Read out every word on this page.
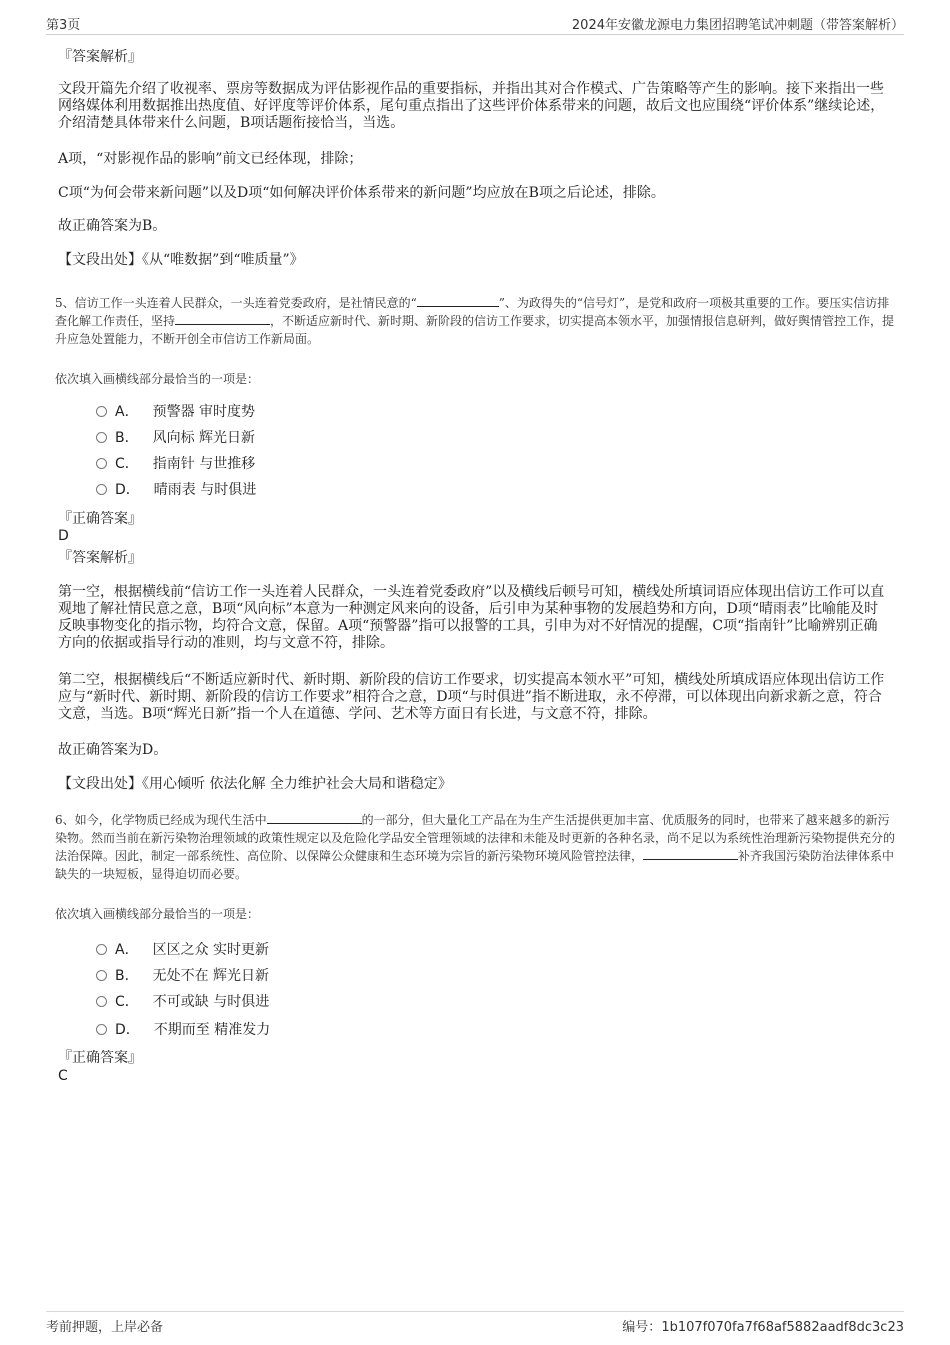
第3页	2024年安徽龙源电力集团招聘笔试冲刺题（带答案解析）

『答案解析』

文段开篇先介绍了收视率、票房等数据成为评估影视作品的重要指标，并指出其对合作模式、广告策略等产生的影响。接下来指出一些网络媒体利用数据推出热度值、好评度等评价体系，尾句重点指出了这些评价体系带来的问题，故后文也应围绕“评价体系”继续论述，介绍清楚具体带来什么问题，B项话题衔接恰当，当选。

A项，“对影视作品的影响”前文已经体现，排除；

C项“为何会带来新问题”以及D项“如何解决评价体系带来的新问题”均应放在B项之后论述，排除。

故正确答案为B。

【文段出处】《从“唯数据”到“唯质量”》

5、信访工作一头连着人民群众，一头连着党委政府，是社情民意的“	”、为政得失的“信号灯”，是党和政府一项极其重要的工作。要压实信访排查化解工作责任，坚持	，不断适应新时代、新时期、新阶段的信访工作要求，切实提高本领水平，加强情报信息研判，做好舆情管控工作，提升应急处置能力，不断开创全市信访工作新局面。

依次填入画横线部分最恰当的一项是：

A． 预警器 审时度势
B． 风向标 辉光日新
C． 指南针 与世推移
D． 晴雨表 与时俱进

『正确答案』

D

『答案解析』

第一空，根据横线前“信访工作一头连着人民群众，一头连着党委政府”以及横线后顿号可知，横线处所填词语应体现出信访工作可以直观地了解社情民意之意，B项“风向标”本意为一种测定风来向的设备，后引申为某种事物的发展趋势和方向，D项“晴雨表”比喻能及时反映事物变化的指示物，均符合文意，保留。A项“预警器”指可以报警的工具，引申为对不好情况的提醒，C项“指南针”比喻辨别正确方向的依据或指导行动的准则，均与文意不符，排除。

第二空，根据横线后“不断适应新时代、新时期、新阶段的信访工作要求，切实提高本领水平”可知，横线处所填成语应体现出信访工作应与“新时代、新时期、新阶段的信访工作要求”相符合之意，D项“与时俱进”指不断进取，永不停滞，可以体现出向新求新之意，符合文意，当选。B项“辉光日新”指一个人在道德、学问、艺术等方面日有长进，与文意不符，排除。

故正确答案为D。

【文段出处】《用心倾听 依法化解 全力维护社会大局和谐稳定》

6、如今，化学物质已经成为现代生活中	的一部分，但大量化工产品在为生产生活提供更加丰富、优质服务的同时，也带来了越来越多的新污染物。然而当前在新污染物治理领域的政策性规定以及危险化学品安全管理领域的法律和未能及时更新的各种名录，尚不足以为系统性治理新污染物提供充分的法治保障。因此，制定一部系统性、高位阶、以保障公众健康和生态环境为宗旨的新污染物环境风险管控法律，	补齐我国污染防治法律体系中缺失的一块短板，显得迫切而必要。

依次填入画横线部分最恰当的一项是：

A． 区区之众 实时更新
B． 无处不在 辉光日新
C． 不可或缺 与时俱进
D． 不期而至 精准发力

『正确答案』

C

考前押题，上岸必备	编号：1b107f070fa7f68af5882aadf8dc3c23
